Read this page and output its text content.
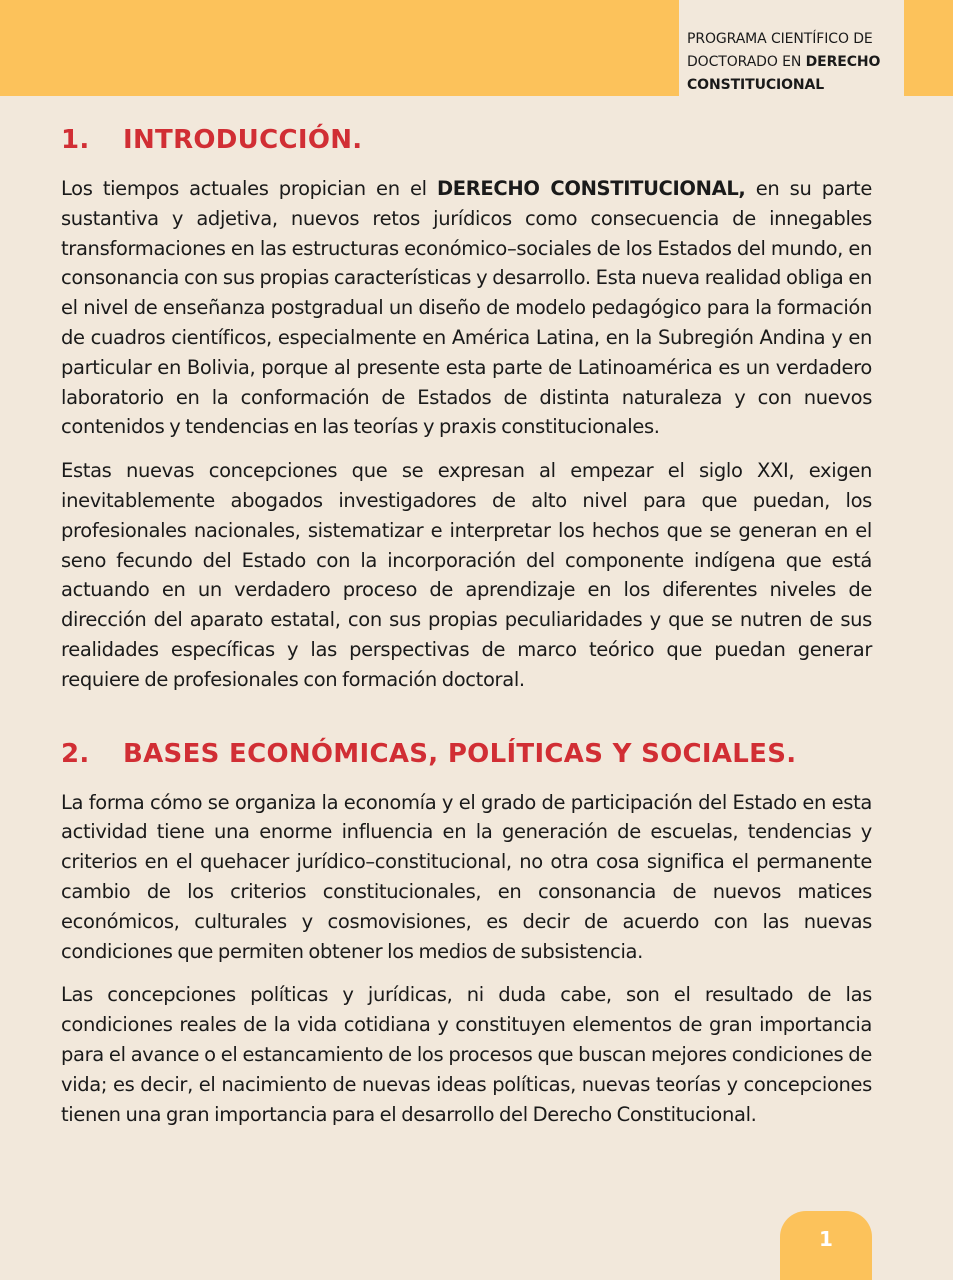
PROGRAMA CIENTÍFICO DE
DOCTORADO EN DERECHO
CONSTITUCIONAL
1.	INTRODUCCIÓN.

Los tiempos actuales propician en el DERECHO CONSTITUCIONAL, en su parte sustantiva y adjetiva, nuevos retos jurídicos como consecuencia de innegables transformaciones en las estructuras económico–sociales de los Estados del mundo, en consonancia con sus propias características y desarrollo. Esta nueva realidad obliga en el nivel de enseñanza postgradual un diseño de modelo pedagógico para la formación de cuadros científicos, especialmente en América Latina, en la Subregión Andina y en particular en Bolivia, porque al presente esta parte de Latinoamérica es un verdadero laboratorio en la conformación de Estados de distinta naturaleza y con nuevos contenidos y tendencias en las teorías y praxis constitucionales.

Estas nuevas concepciones que se expresan al empezar el siglo XXI, exigen inevitablemente abogados investigadores de alto nivel para que puedan, los profesionales nacionales, sistematizar e interpretar los hechos que se generan en el seno fecundo del Estado con la incorporación del componente indígena que está actuando en un verdadero proceso de aprendizaje en los diferentes niveles de dirección del aparato estatal, con sus propias peculiaridades y que se nutren de sus realidades específicas y las perspectivas de marco teórico que puedan generar requiere de profesionales con formación doctoral.

2.	BASES ECONÓMICAS, POLÍTICAS Y SOCIALES.

La forma cómo se organiza la economía y el grado de participación del Estado en esta actividad tiene una enorme influencia en la generación de escuelas, tendencias y criterios en el quehacer jurídico–constitucional, no otra cosa significa el permanente cambio de los criterios constitucionales, en consonancia de nuevos matices económicos, culturales y cosmovisiones, es decir de acuerdo con las nuevas condiciones que permiten obtener los medios de subsistencia.

Las concepciones políticas y jurídicas, ni duda cabe, son el resultado de las condiciones reales de la vida cotidiana y constituyen elementos de gran importancia para el avance o el estancamiento de los procesos que buscan mejores condiciones de vida; es decir, el nacimiento de nuevas ideas políticas, nuevas teorías y concepciones tienen una gran importancia para el desarrollo del Derecho Constitucional.

1
